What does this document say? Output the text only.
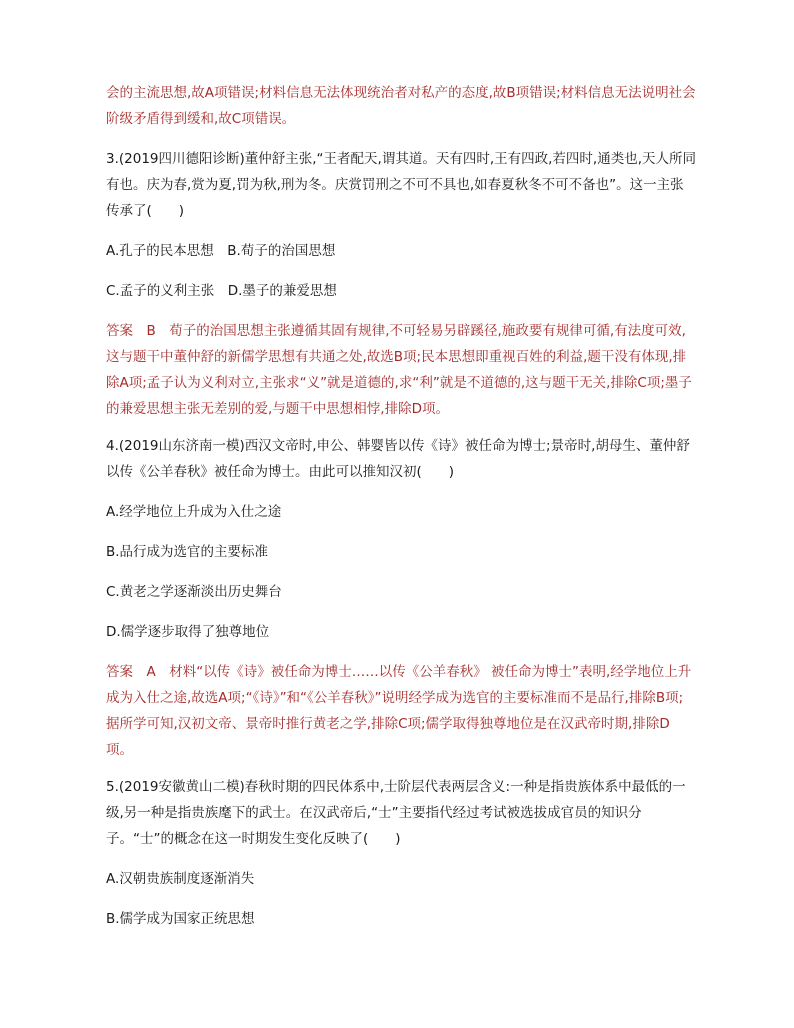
会的主流思想,故A项错误;材料信息无法体现统治者对私产的态度,故B项错误;材料信息无法说明社会阶级矛盾得到缓和,故C项错误。

3.(2019四川德阳诊断)董仲舒主张,“王者配天,谓其道。天有四时,王有四政,若四时,通类也,天人所同有也。庆为春,赏为夏,罚为秋,刑为冬。庆赏罚刑之不可不具也,如春夏秋冬不可不备也”。这一主张传承了(　　)

A.孔子的民本思想　B.荀子的治国思想

C.孟子的义利主张　D.墨子的兼爱思想

答案　B　荀子的治国思想主张遵循其固有规律,不可轻易另辟蹊径,施政要有规律可循,有法度可效,这与题干中董仲舒的新儒学思想有共通之处,故选B项;民本思想即重视百姓的利益,题干没有体现,排除A项;孟子认为义利对立,主张求“义”就是道德的,求“利”就是不道德的,这与题干无关,排除C项;墨子的兼爱思想主张无差别的爱,与题干中思想相悖,排除D项。

4.(2019山东济南一模)西汉文帝时,申公、韩婴皆以传《诗》被任命为博士;景帝时,胡母生、董仲舒以传《公羊春秋》被任命为博士。由此可以推知汉初(　　)

A.经学地位上升成为入仕之途

B.品行成为选官的主要标准

C.黄老之学逐渐淡出历史舞台

D.儒学逐步取得了独尊地位

答案　A　材料“以传《诗》被任命为博士……以传《公羊春秋》 被任命为博士”表明,经学地位上升成为入仕之途,故选A项;“《诗》”和“《公羊春秋》”说明经学成为选官的主要标准而不是品行,排除B项;据所学可知,汉初文帝、景帝时推行黄老之学,排除C项;儒学取得独尊地位是在汉武帝时期,排除D项。

5.(2019安徽黄山二模)春秋时期的四民体系中,士阶层代表两层含义:一种是指贵族体系中最低的一级,另一种是指贵族麾下的武士。在汉武帝后,“士”主要指代经过考试被选拔成官员的知识分子。“士”的概念在这一时期发生变化反映了(　　)

A.汉朝贵族制度逐渐消失

B.儒学成为国家正统思想
